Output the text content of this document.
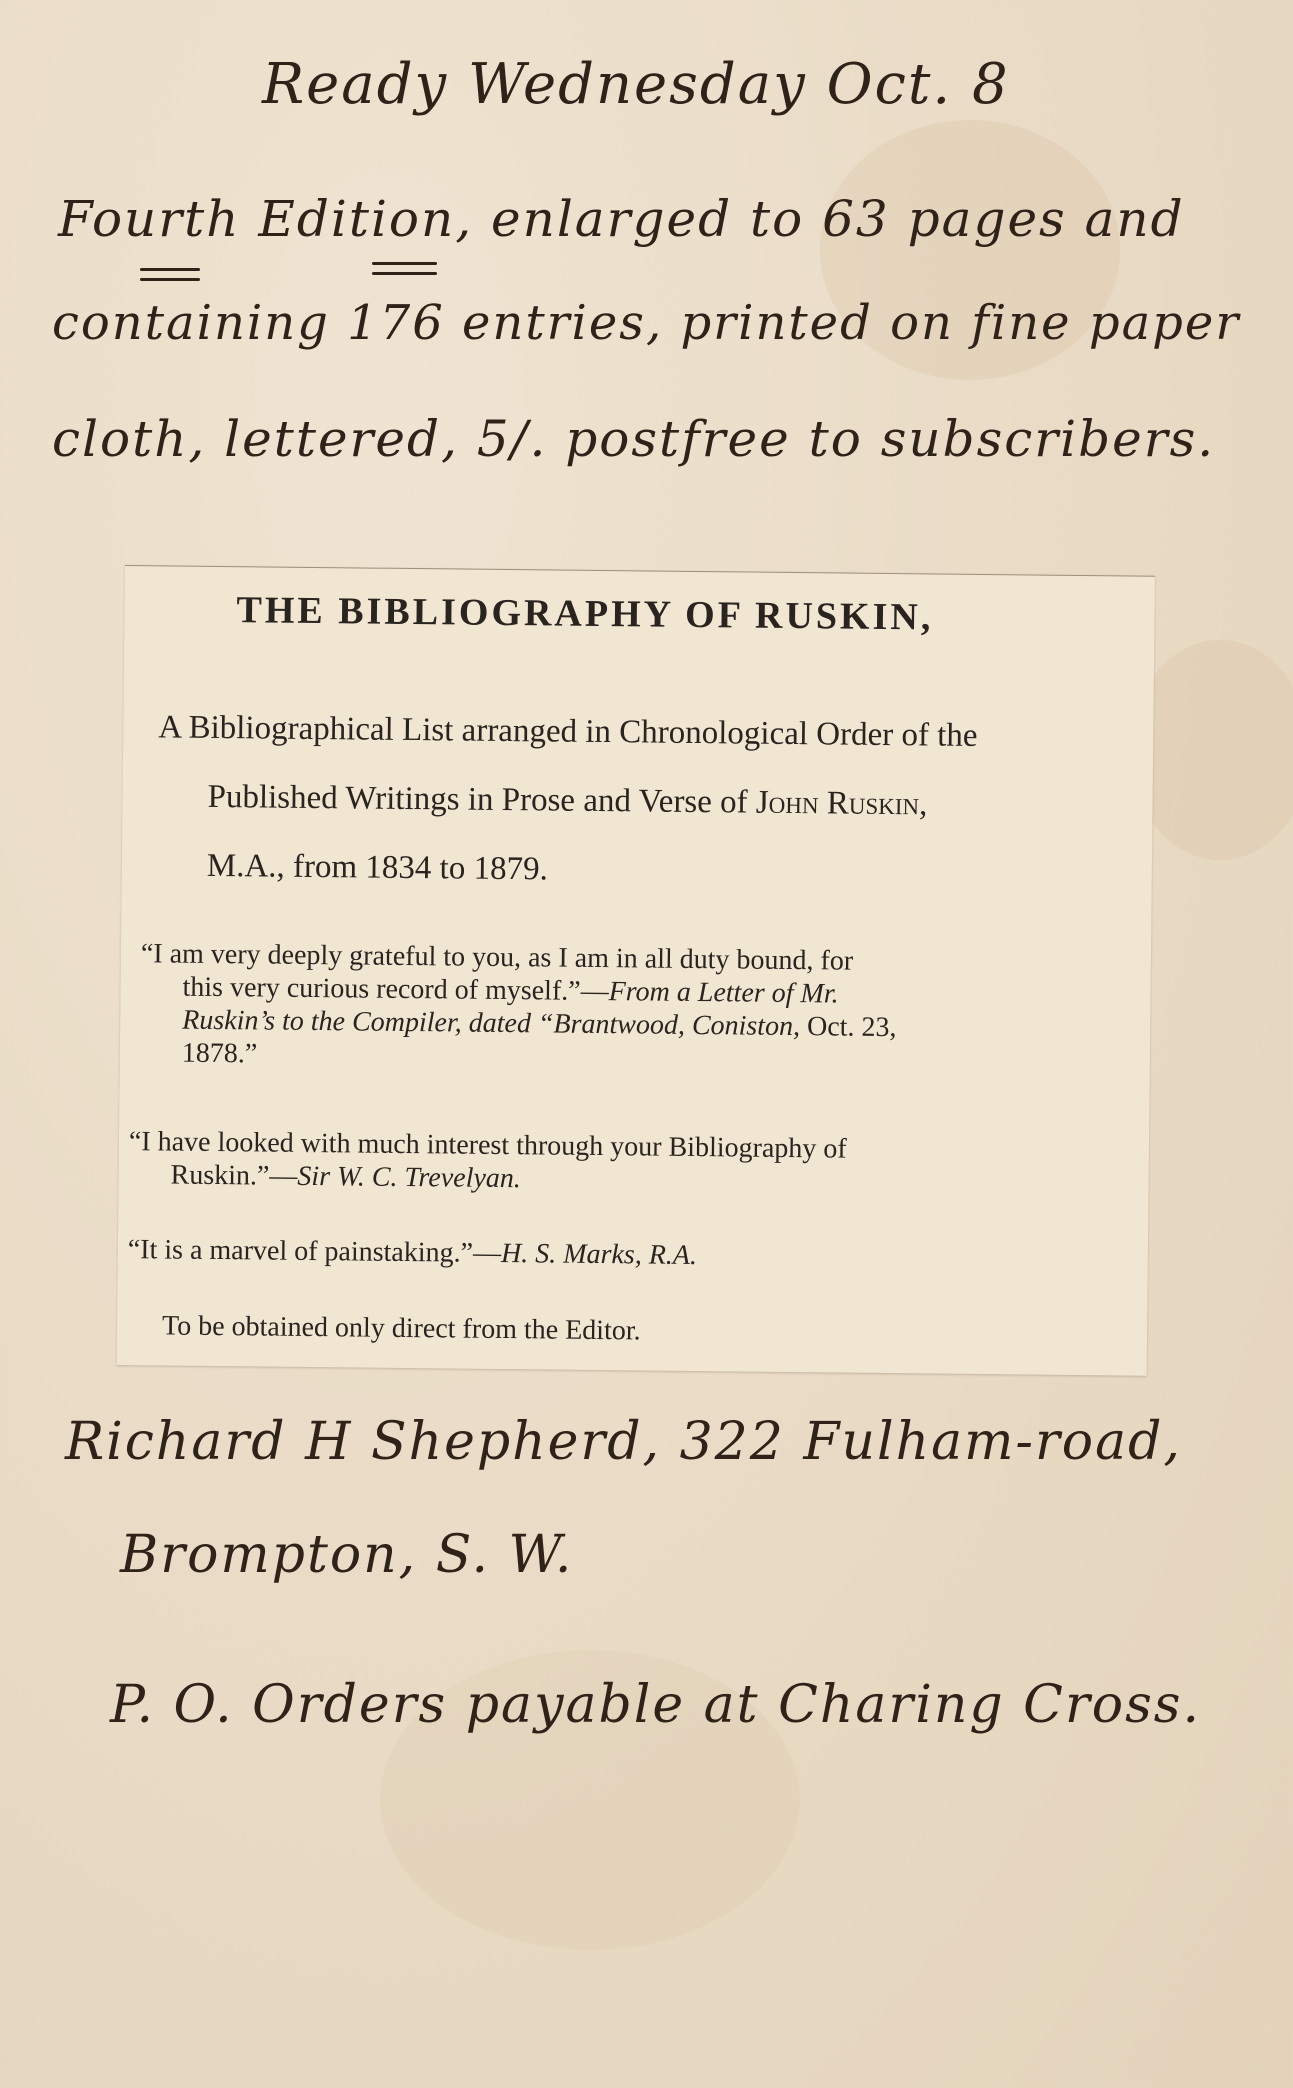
Ready Wednesday Oct. 8
Fourth Edition, enlarged to 63 pages and
containing 176 entries, printed on fine paper
cloth, lettered, 5/. postfree to subscribers.
THE BIBLIOGRAPHY OF RUSKIN,
A Bibliographical List arranged in Chronological Order of the
Published Writings in Prose and Verse of John Ruskin,
M.A., from 1834 to 1879.
“I am very deeply grateful to you, as I am in all duty bound, for
this very curious record of myself.”—From a Letter of Mr.
Ruskin’s to the Compiler, dated “Brantwood, Coniston, Oct. 23,
1878.”
“I have looked with much interest through your Bibliography of
Ruskin.”—Sir W. C. Trevelyan.
“It is a marvel of painstaking.”—H. S. Marks, R.A.
To be obtained only direct from the Editor.
Richard H Shepherd, 322 Fulham-road,
Brompton, S. W.
P. O. Orders payable at Charing Cross.
